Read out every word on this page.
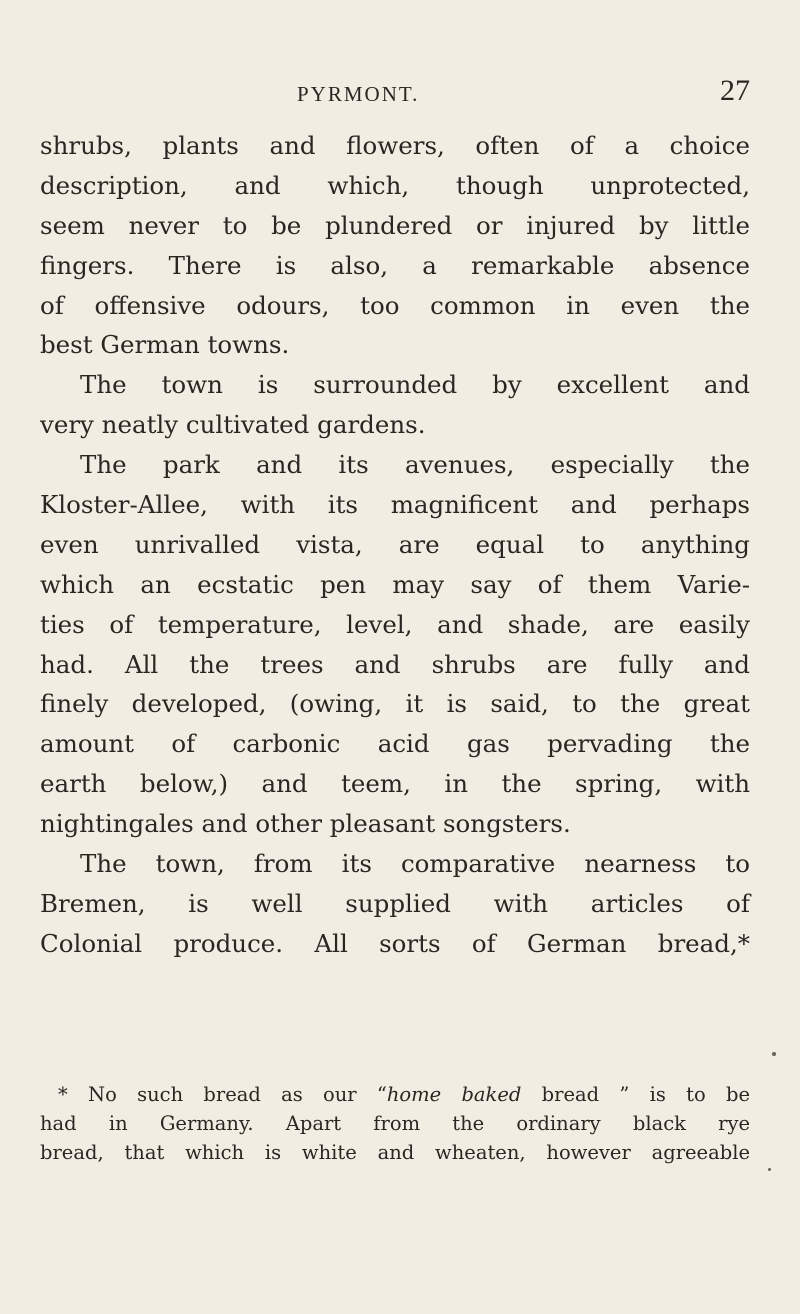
PYRMONT.	27
shrubs, plants and flowers, often of a choice
description, and which, though unprotected,
seem never to be plundered or injured by little
fingers. There is also, a remarkable absence
of offensive odours, too common in even the
best German towns.
The town is surrounded by excellent and
very neatly cultivated gardens.
The park and its avenues, especially the
Kloster-Allee, with its magnificent and perhaps
even unrivalled vista, are equal to anything
which an ecstatic pen may say of them Varie-
ties of temperature, level, and shade, are easily
had. All the trees and shrubs are fully and
finely developed, (owing, it is said, to the great
amount of carbonic acid gas pervading the
earth below,) and teem, in the spring, with
nightingales and other pleasant songsters.
The town, from its comparative nearness to
Bremen, is well supplied with articles of
Colonial produce. All sorts of German bread,*
* No such bread as our “home baked bread ” is to be
had in Germany. Apart from the ordinary black rye
bread, that which is white and wheaten, however agreeable
